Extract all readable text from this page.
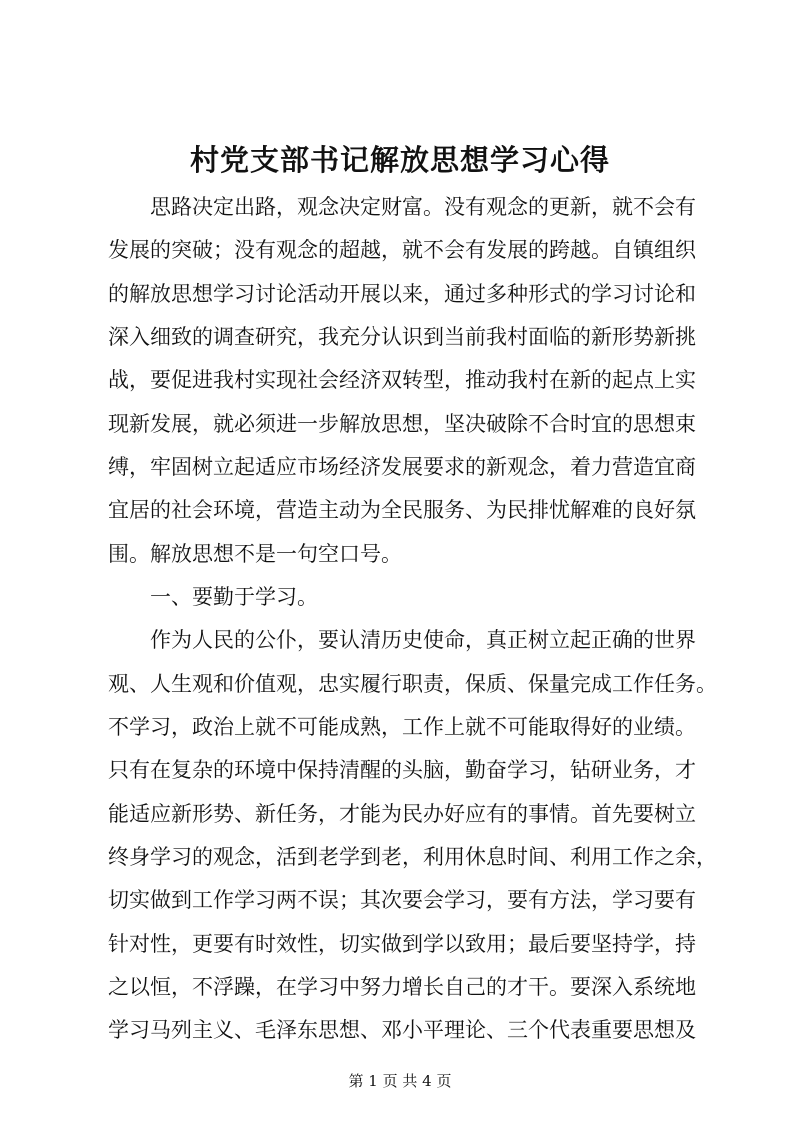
村党支部书记解放思想学习心得
　　思路决定出路，观念决定财富。没有观念的更新，就不会有
发展的突破；没有观念的超越，就不会有发展的跨越。自镇组织
的解放思想学习讨论活动开展以来，通过多种形式的学习讨论和
深入细致的调查研究，我充分认识到当前我村面临的新形势新挑
战，要促进我村实现社会经济双转型，推动我村在新的起点上实
现新发展，就必须进一步解放思想，坚决破除不合时宜的思想束
缚，牢固树立起适应市场经济发展要求的新观念，着力营造宜商
宜居的社会环境，营造主动为全民服务、为民排忧解难的良好氛
围。解放思想不是一句空口号。
　　一、要勤于学习。
　　作为人民的公仆，要认清历史使命，真正树立起正确的世界
观、人生观和价值观，忠实履行职责，保质、保量完成工作任务。
不学习，政治上就不可能成熟，工作上就不可能取得好的业绩。
只有在复杂的环境中保持清醒的头脑，勤奋学习，钻研业务，才
能适应新形势、新任务，才能为民办好应有的事情。首先要树立
终身学习的观念，活到老学到老，利用休息时间、利用工作之余，
切实做到工作学习两不误；其次要会学习，要有方法，学习要有
针对性，更要有时效性，切实做到学以致用；最后要坚持学，持
之以恒，不浮躁，在学习中努力增长自己的才干。要深入系统地
学习马列主义、毛泽东思想、邓小平理论、三个代表重要思想及
第 1 页 共 4 页
